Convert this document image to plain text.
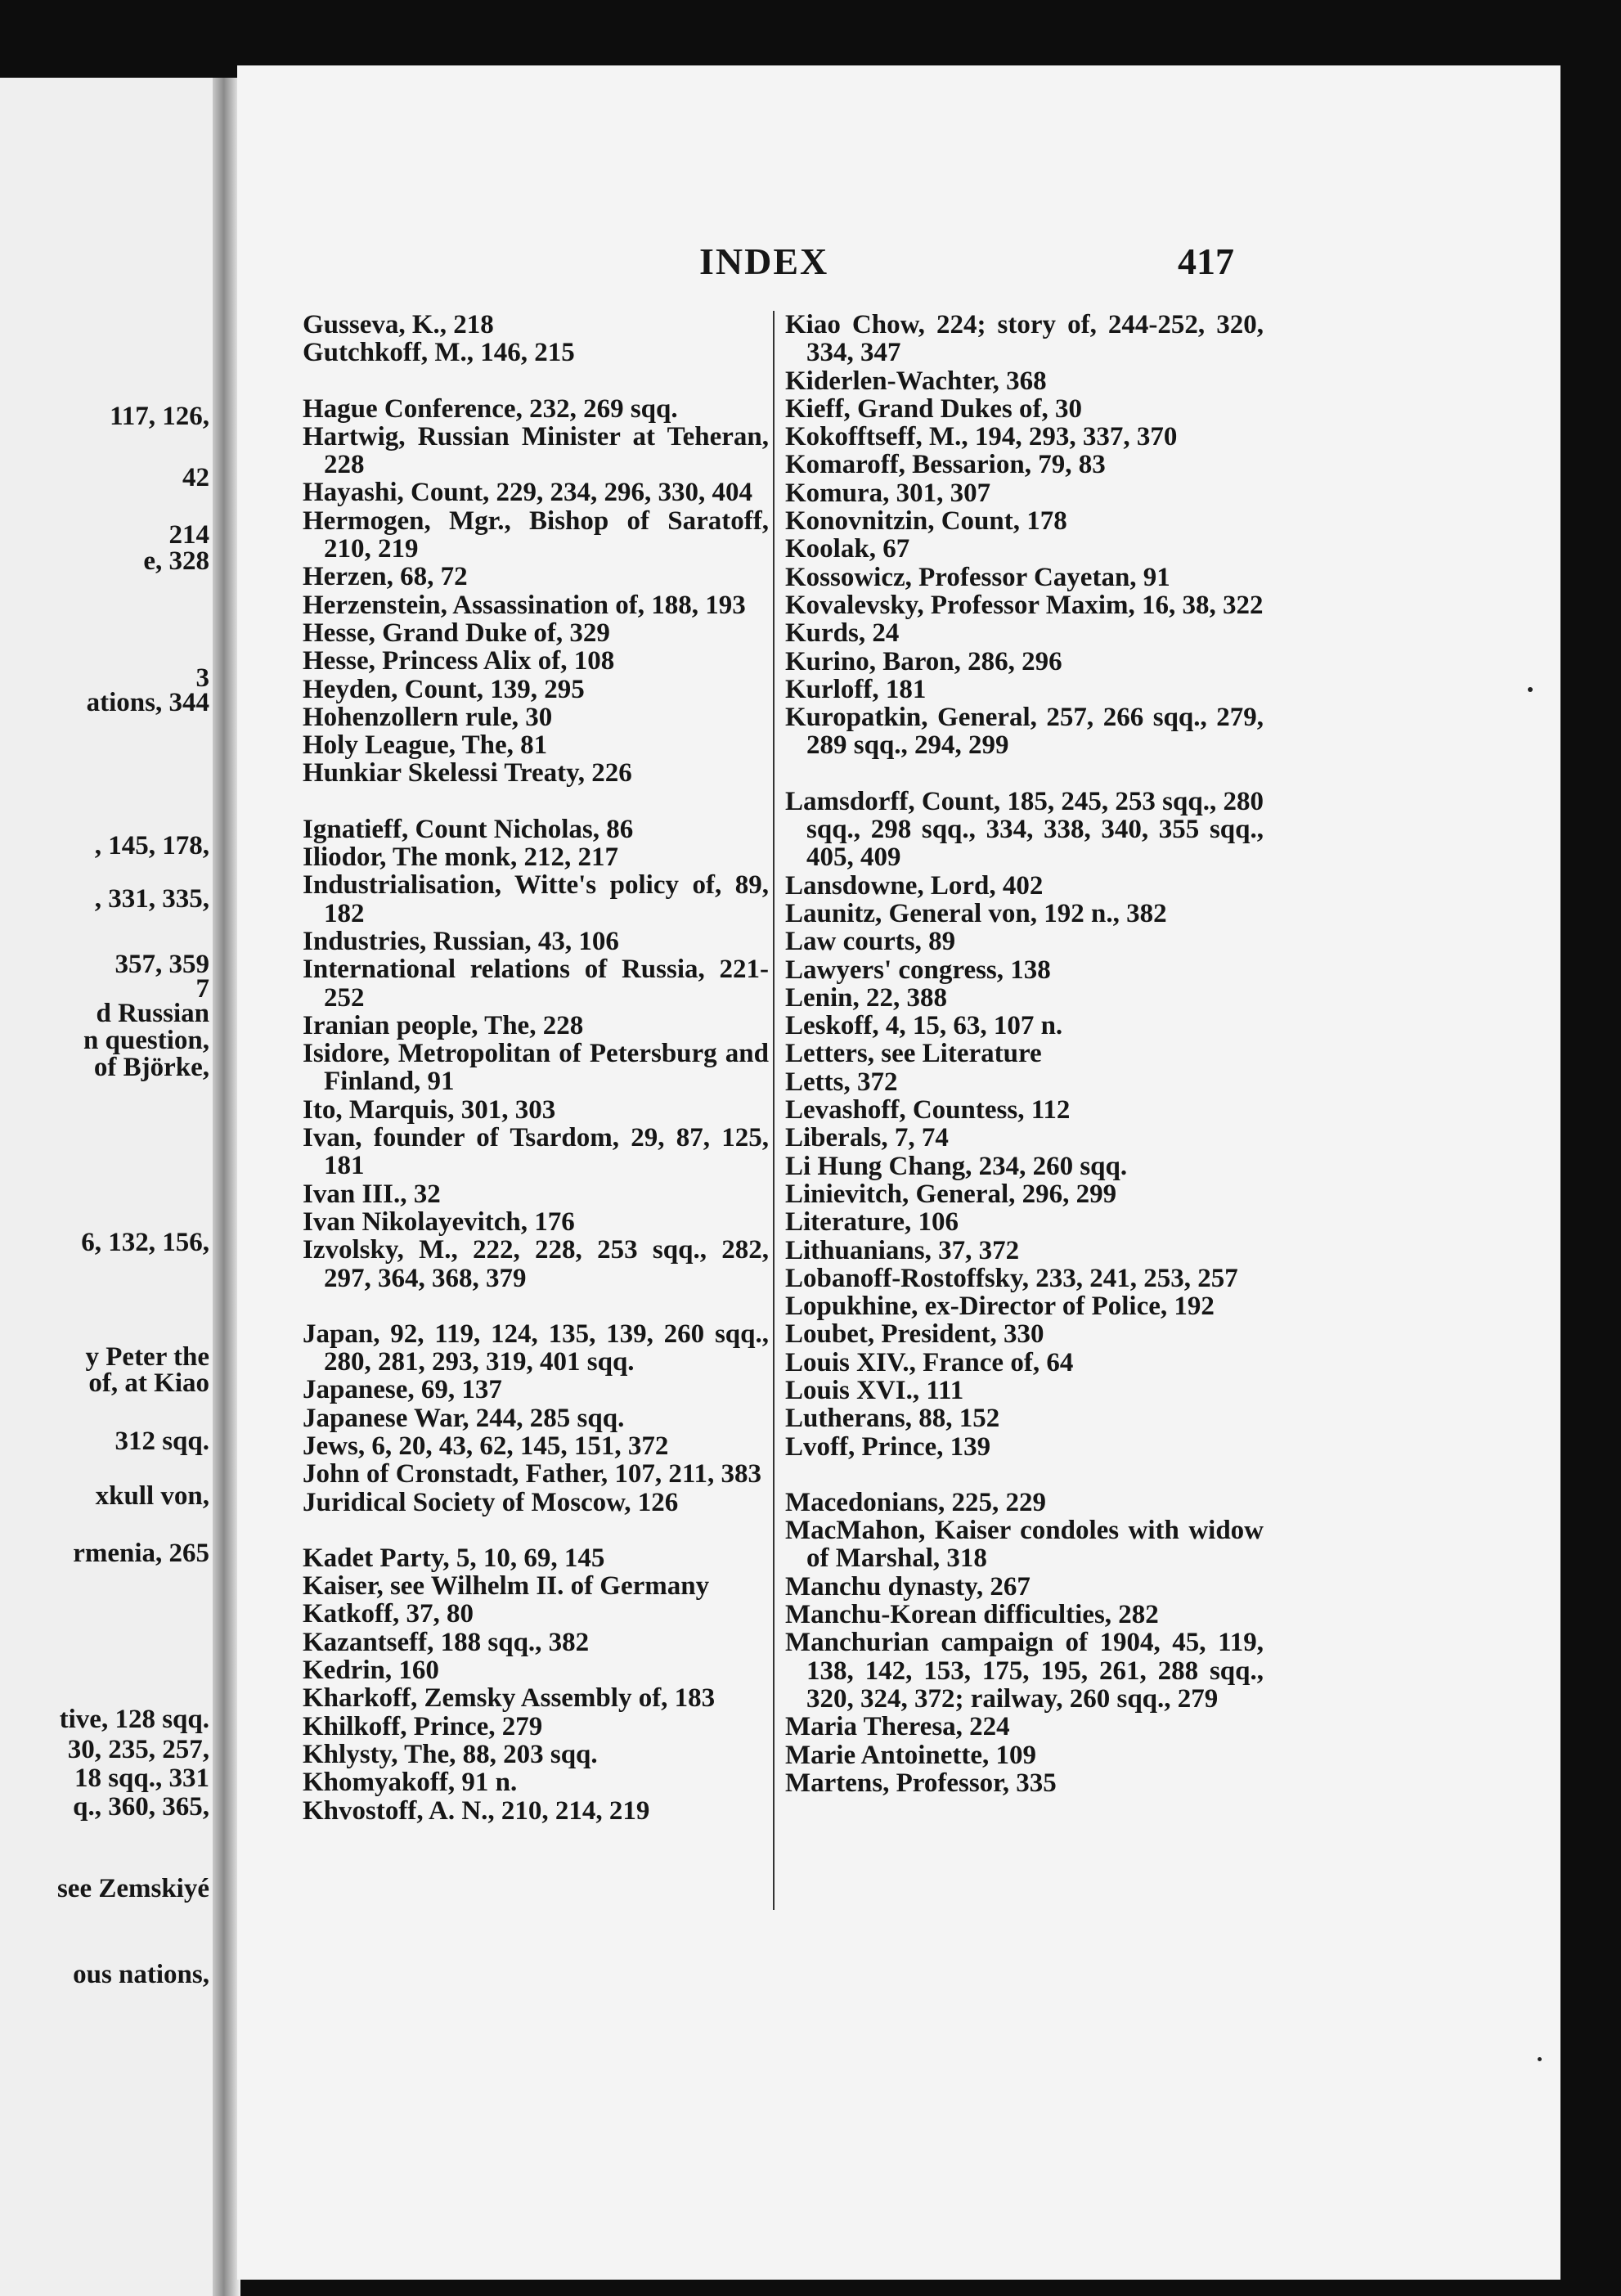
117, 126,
42
214
e, 328
3
ations, 344
, 145, 178,
, 331, 335,
357, 359
7
d Russian
n question,
of Björke,
6, 132, 156,
y Peter the
of, at Kiao
312 sqq.
xkull von,
rmenia, 265
tive, 128 sqq.
30, 235, 257,
18 sqq., 331
q., 360, 365,
see Zemskiyé
ous nations,
INDEX	417
Gusseva, K., 218
Gutchkoff, M., 146, 215
Hague Conference, 232, 269 sqq.
Hartwig, Russian Minister at Teheran, 228
Hayashi, Count, 229, 234, 296, 330, 404
Hermogen, Mgr., Bishop of Saratoff, 210, 219
Herzen, 68, 72
Herzenstein, Assassination of, 188, 193
Hesse, Grand Duke of, 329
Hesse, Princess Alix of, 108
Heyden, Count, 139, 295
Hohenzollern rule, 30
Holy League, The, 81
Hunkiar Skelessi Treaty, 226
Ignatieff, Count Nicholas, 86
Iliodor, The monk, 212, 217
Industrialisation, Witte's policy of, 89, 182
Industries, Russian, 43, 106
International relations of Russia, 221-252
Iranian people, The, 228
Isidore, Metropolitan of Petersburg and Finland, 91
Ito, Marquis, 301, 303
Ivan, founder of Tsardom, 29, 87, 125, 181
Ivan III., 32
Ivan Nikolayevitch, 176
Izvolsky, M., 222, 228, 253 sqq., 282, 297, 364, 368, 379
Japan, 92, 119, 124, 135, 139, 260 sqq., 280, 281, 293, 319, 401 sqq.
Japanese, 69, 137
Japanese War, 244, 285 sqq.
Jews, 6, 20, 43, 62, 145, 151, 372
John of Cronstadt, Father, 107, 211, 383
Juridical Society of Moscow, 126
Kadet Party, 5, 10, 69, 145
Kaiser, see Wilhelm II. of Germany
Katkoff, 37, 80
Kazantseff, 188 sqq., 382
Kedrin, 160
Kharkoff, Zemsky Assembly of, 183
Khilkoff, Prince, 279
Khlysty, The, 88, 203 sqq.
Khomyakoff, 91 n.
Khvostoff, A. N., 210, 214, 219
Kiao Chow, 224; story of, 244-252, 320, 334, 347
Kiderlen-Wachter, 368
Kieff, Grand Dukes of, 30
Kokofftseff, M., 194, 293, 337, 370
Komaroff, Bessarion, 79, 83
Komura, 301, 307
Konovnitzin, Count, 178
Koolak, 67
Kossowicz, Professor Cayetan, 91
Kovalevsky, Professor Maxim, 16, 38, 322
Kurds, 24
Kurino, Baron, 286, 296
Kurloff, 181
Kuropatkin, General, 257, 266 sqq., 279, 289 sqq., 294, 299
Lamsdorff, Count, 185, 245, 253 sqq., 280 sqq., 298 sqq., 334, 338, 340, 355 sqq., 405, 409
Lansdowne, Lord, 402
Launitz, General von, 192 n., 382
Law courts, 89
Lawyers' congress, 138
Lenin, 22, 388
Leskoff, 4, 15, 63, 107 n.
Letters, see Literature
Letts, 372
Levashoff, Countess, 112
Liberals, 7, 74
Li Hung Chang, 234, 260 sqq.
Linievitch, General, 296, 299
Literature, 106
Lithuanians, 37, 372
Lobanoff-Rostoffsky, 233, 241, 253, 257
Lopukhine, ex-Director of Police, 192
Loubet, President, 330
Louis XIV., France of, 64
Louis XVI., 111
Lutherans, 88, 152
Lvoff, Prince, 139
Macedonians, 225, 229
MacMahon, Kaiser condoles with widow of Marshal, 318
Manchu dynasty, 267
Manchu-Korean difficulties, 282
Manchurian campaign of 1904, 45, 119, 138, 142, 153, 175, 195, 261, 288 sqq., 320, 324, 372; railway, 260 sqq., 279
Maria Theresa, 224
Marie Antoinette, 109
Martens, Professor, 335
